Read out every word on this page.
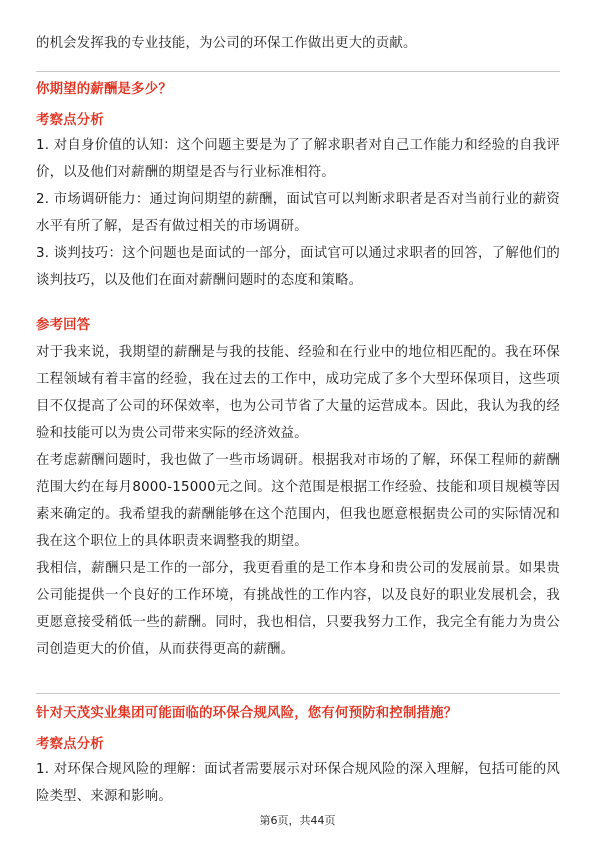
的机会发挥我的专业技能，为公司的环保工作做出更大的贡献。

你期望的薪酬是多少？
考察点分析

1. 对自身价值的认知：这个问题主要是为了了解求职者对自己工作能力和经验的自我评价，以及他们对薪酬的期望是否与行业标准相符。

2. 市场调研能力：通过询问期望的薪酬，面试官可以判断求职者是否对当前行业的薪资水平有所了解，是否有做过相关的市场调研。

3. 谈判技巧：这个问题也是面试的一部分，面试官可以通过求职者的回答，了解他们的谈判技巧，以及他们在面对薪酬问题时的态度和策略。

参考回答

对于我来说，我期望的薪酬是与我的技能、经验和在行业中的地位相匹配的。我在环保工程领域有着丰富的经验，我在过去的工作中，成功完成了多个大型环保项目，这些项目不仅提高了公司的环保效率，也为公司节省了大量的运营成本。因此，我认为我的经验和技能可以为贵公司带来实际的经济效益。

在考虑薪酬问题时，我也做了一些市场调研。根据我对市场的了解，环保工程师的薪酬范围大约在每月8000-15000元之间。这个范围是根据工作经验、技能和项目规模等因素来确定的。我希望我的薪酬能够在这个范围内，但我也愿意根据贵公司的实际情况和我在这个职位上的具体职责来调整我的期望。

我相信，薪酬只是工作的一部分，我更看重的是工作本身和贵公司的发展前景。如果贵公司能提供一个良好的工作环境，有挑战性的工作内容，以及良好的职业发展机会，我更愿意接受稍低一些的薪酬。同时，我也相信，只要我努力工作，我完全有能力为贵公司创造更大的价值，从而获得更高的薪酬。

针对天茂实业集团可能面临的环保合规风险，您有何预防和控制措施？
考察点分析

1. 对环保合规风险的理解：面试者需要展示对环保合规风险的深入理解，包括可能的风险类型、来源和影响。

第6页，共44页
